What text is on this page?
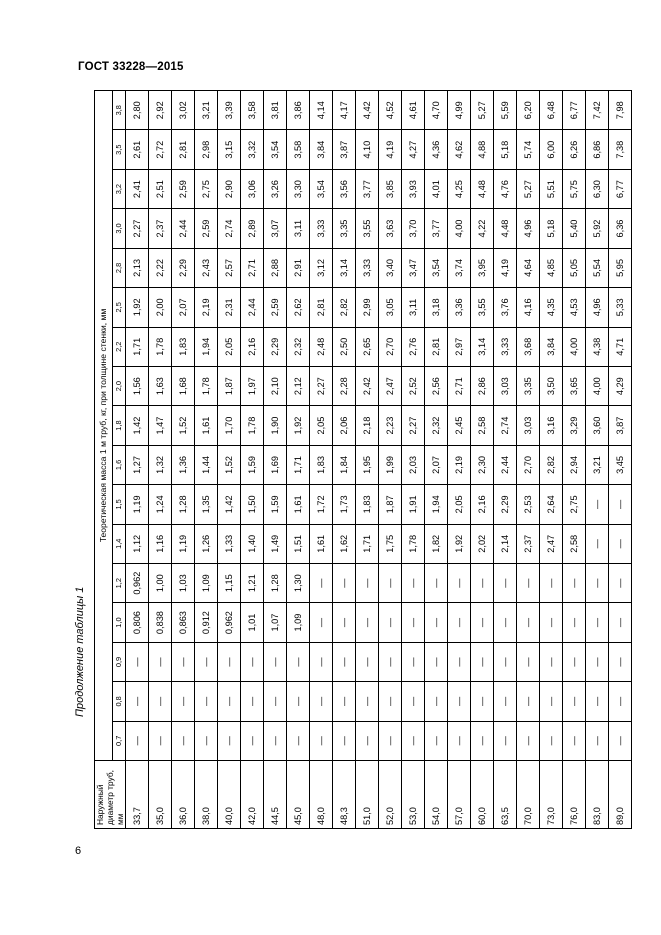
ГОСТ 33228—2015
Продолжение таблицы 1
Наружный диаметр труб, мм	Теоретическая масса 1 м труб, кг, при толщине стенки, мм																
	0,7	0,8	0,9	1,0	1,2	1,4	1,5	1,6	1,8	2,0	2,2	2,5	2,8	3,0	3,2	3,5	3,8
33,7	—	—	—	0,806	0,962	1,12	1,19	1,27	1,42	1,56	1,71	1,92	2,13	2,27	2,41	2,61	2,80
35,0	—	—	—	0,838	1,00	1,16	1,24	1,32	1,47	1,63	1,78	2,00	2,22	2,37	2,51	2,72	2,92
36,0	—	—	—	0,863	1,03	1,19	1,28	1,36	1,52	1,68	1,83	2,07	2,29	2,44	2,59	2,81	3,02
38,0	—	—	—	0,912	1,09	1,26	1,35	1,44	1,61	1,78	1,94	2,19	2,43	2,59	2,75	2,98	3,21
40,0	—	—	—	0,962	1,15	1,33	1,42	1,52	1,70	1,87	2,05	2,31	2,57	2,74	2,90	3,15	3,39
42,0	—	—	—	1,01	1,21	1,40	1,50	1,59	1,78	1,97	2,16	2,44	2,71	2,89	3,06	3,32	3,58
44,5	—	—	—	1,07	1,28	1,49	1,59	1,69	1,90	2,10	2,29	2,59	2,88	3,07	3,26	3,54	3,81
45,0	—	—	—	1,09	1,30	1,51	1,61	1,71	1,92	2,12	2,32	2,62	2,91	3,11	3,30	3,58	3,86
48,0	—	—	—	—	—	1,61	1,72	1,83	2,05	2,27	2,48	2,81	3,12	3,33	3,54	3,84	4,14
48,3	—	—	—	—	—	1,62	1,73	1,84	2,06	2,28	2,50	2,82	3,14	3,35	3,56	3,87	4,17
51,0	—	—	—	—	—	1,71	1,83	1,95	2,18	2,42	2,65	2,99	3,33	3,55	3,77	4,10	4,42
52,0	—	—	—	—	—	1,75	1,87	1,99	2,23	2,47	2,70	3,05	3,40	3,63	3,85	4,19	4,52
53,0	—	—	—	—	—	1,78	1,91	2,03	2,27	2,52	2,76	3,11	3,47	3,70	3,93	4,27	4,61
54,0	—	—	—	—	—	1,82	1,94	2,07	2,32	2,56	2,81	3,18	3,54	3,77	4,01	4,36	4,70
57,0	—	—	—	—	—	1,92	2,05	2,19	2,45	2,71	2,97	3,36	3,74	4,00	4,25	4,62	4,99
60,0	—	—	—	—	—	2,02	2,16	2,30	2,58	2,86	3,14	3,55	3,95	4,22	4,48	4,88	5,27
63,5	—	—	—	—	—	2,14	2,29	2,44	2,74	3,03	3,33	3,76	4,19	4,48	4,76	5,18	5,59
70,0	—	—	—	—	—	2,37	2,53	2,70	3,03	3,35	3,68	4,16	4,64	4,96	5,27	5,74	6,20
73,0	—	—	—	—	—	2,47	2,64	2,82	3,16	3,50	3,84	4,35	4,85	5,18	5,51	6,00	6,48
76,0	—	—	—	—	—	2,58	2,75	2,94	3,29	3,65	4,00	4,53	5,05	5,40	5,75	6,26	6,77
83,0	—	—	—	—	—	—	—	3,21	3,60	4,00	4,38	4,96	5,54	5,92	6,30	6,86	7,42
89,0	—	—	—	—	—	—	—	3,45	3,87	4,29	4,71	5,33	5,95	6,36	6,77	7,38	7,98
6
